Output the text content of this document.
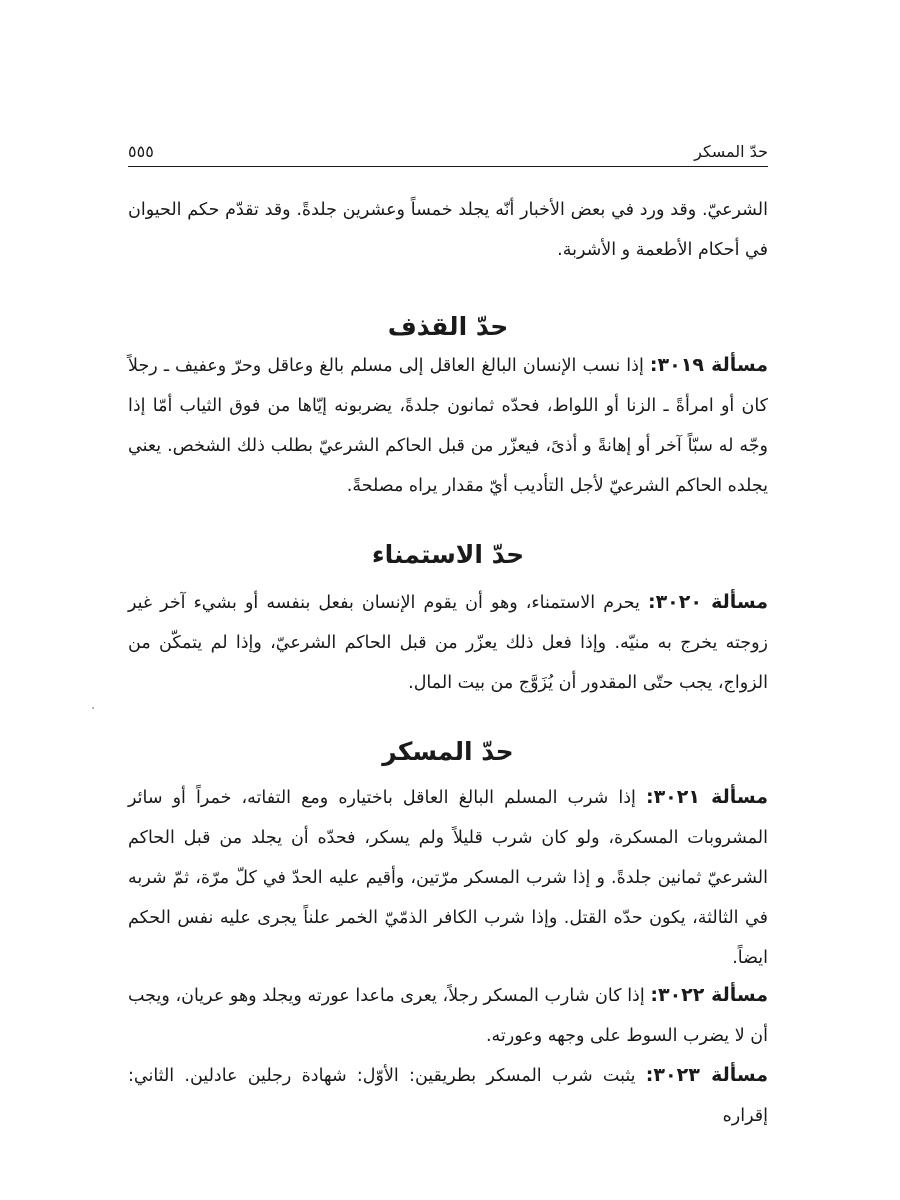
حدّ المسكر
٥٥٥
الشرعيّ. وقد ورد في بعض الأخبار أنّه يجلد خمساً وعشرين جلدةً. وقد تقدّم حكم الحيوان في أحكام الأطعمة و الأشربة.
حدّ القذف
مسألة ٣٠١٩: إذا نسب الإنسان البالغ العاقل إلى مسلم بالغ وعاقل وحرّ وعفيف ـ رجلاً كان أو امرأةً ـ الزنا أو اللواط، فحدّه ثمانون جلدةً، يضربونه إيّاها من فوق الثياب أمّا إذا وجّه له سبّاً آخر أو إهانةً و أذىً، فيعزّر من قبل الحاكم الشرعيّ بطلب ذلك الشخص. يعني يجلده الحاكم الشرعيّ لأجل التأديب أيّ مقدار يراه مصلحةً.
حدّ الاستمناء
مسألة ٣٠٢٠: يحرم الاستمناء، وهو أن يقوم الإنسان بفعل بنفسه أو بشيء آخر غير زوجته يخرج به منيّه. وإذا فعل ذلك يعزّر من قبل الحاكم الشرعيّ، وإذا لم يتمكّن من الزواج، يجب حتّى المقدور أن يُزَوَّج من بيت المال.
حدّ المسكر
مسألة ٣٠٢١: إذا شرب المسلم البالغ العاقل باختياره ومع التفاته، خمراً أو سائر المشروبات المسكرة، ولو كان شرب قليلاً ولم يسكر، فحدّه أن يجلد من قبل الحاكم الشرعيّ ثمانين جلدةً. و إذا شرب المسكر مرّتين، وأقيم عليه الحدّ في كلّ مرّة، ثمّ شربه في الثالثة، يكون حدّه القتل. وإذا شرب الكافر الذمّيّ الخمر علناً يجرى عليه نفس الحكم ايضاً.
مسألة ٣٠٢٢: إذا كان شارب المسكر رجلاً، يعرى ماعدا عورته ويجلد وهو عريان، ويجب أن لا يضرب السوط على وجهه وعورته.
مسألة ٣٠٢٣: يثبت شرب المسكر بطريقين: الأوّل: شهادة رجلين عادلين. الثاني: إقراره
